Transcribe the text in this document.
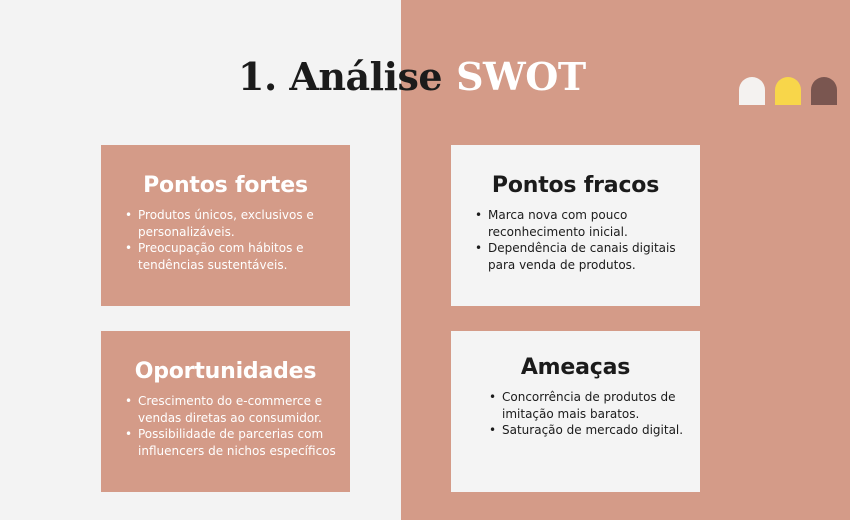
1. Análise SWOT
Pontos fortes
• Produtos únicos, exclusivos e personalizáveis.
• Preocupação com hábitos e tendências sustentáveis.
Pontos fracos
• Marca nova com pouco reconhecimento inicial.
• Dependência de canais digitais para venda de produtos.
Oportunidades
• Crescimento do e-commerce e vendas diretas ao consumidor.
• Possibilidade de parcerias com influencers de nichos específicos
Ameaças
• Concorrência de produtos de imitação mais baratos.
• Saturação de mercado digital.
